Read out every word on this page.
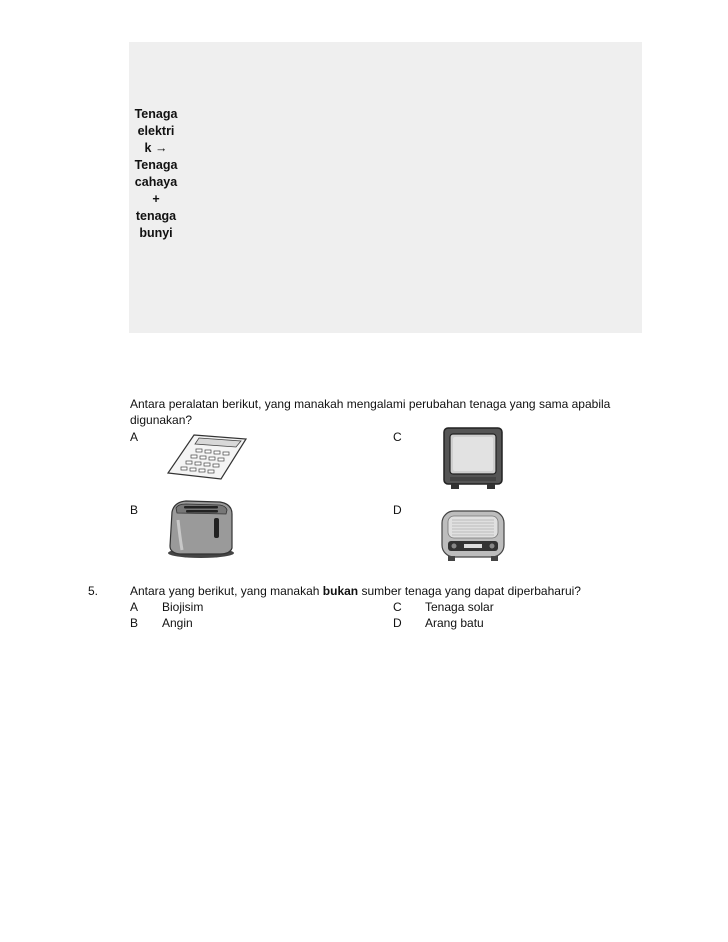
Tenaga
elektri
k →
Tenaga
cahaya
+
tenaga
bunyi
Antara peralatan berikut, yang manakah mengalami perubahan tenaga yang sama apabila
digunakan?
A	C
B	D
5.	Antara yang berikut, yang manakah bukan sumber tenaga yang dapat diperbaharui?
A Biojisim	C Tenaga solar
B Angin	D Arang batu
